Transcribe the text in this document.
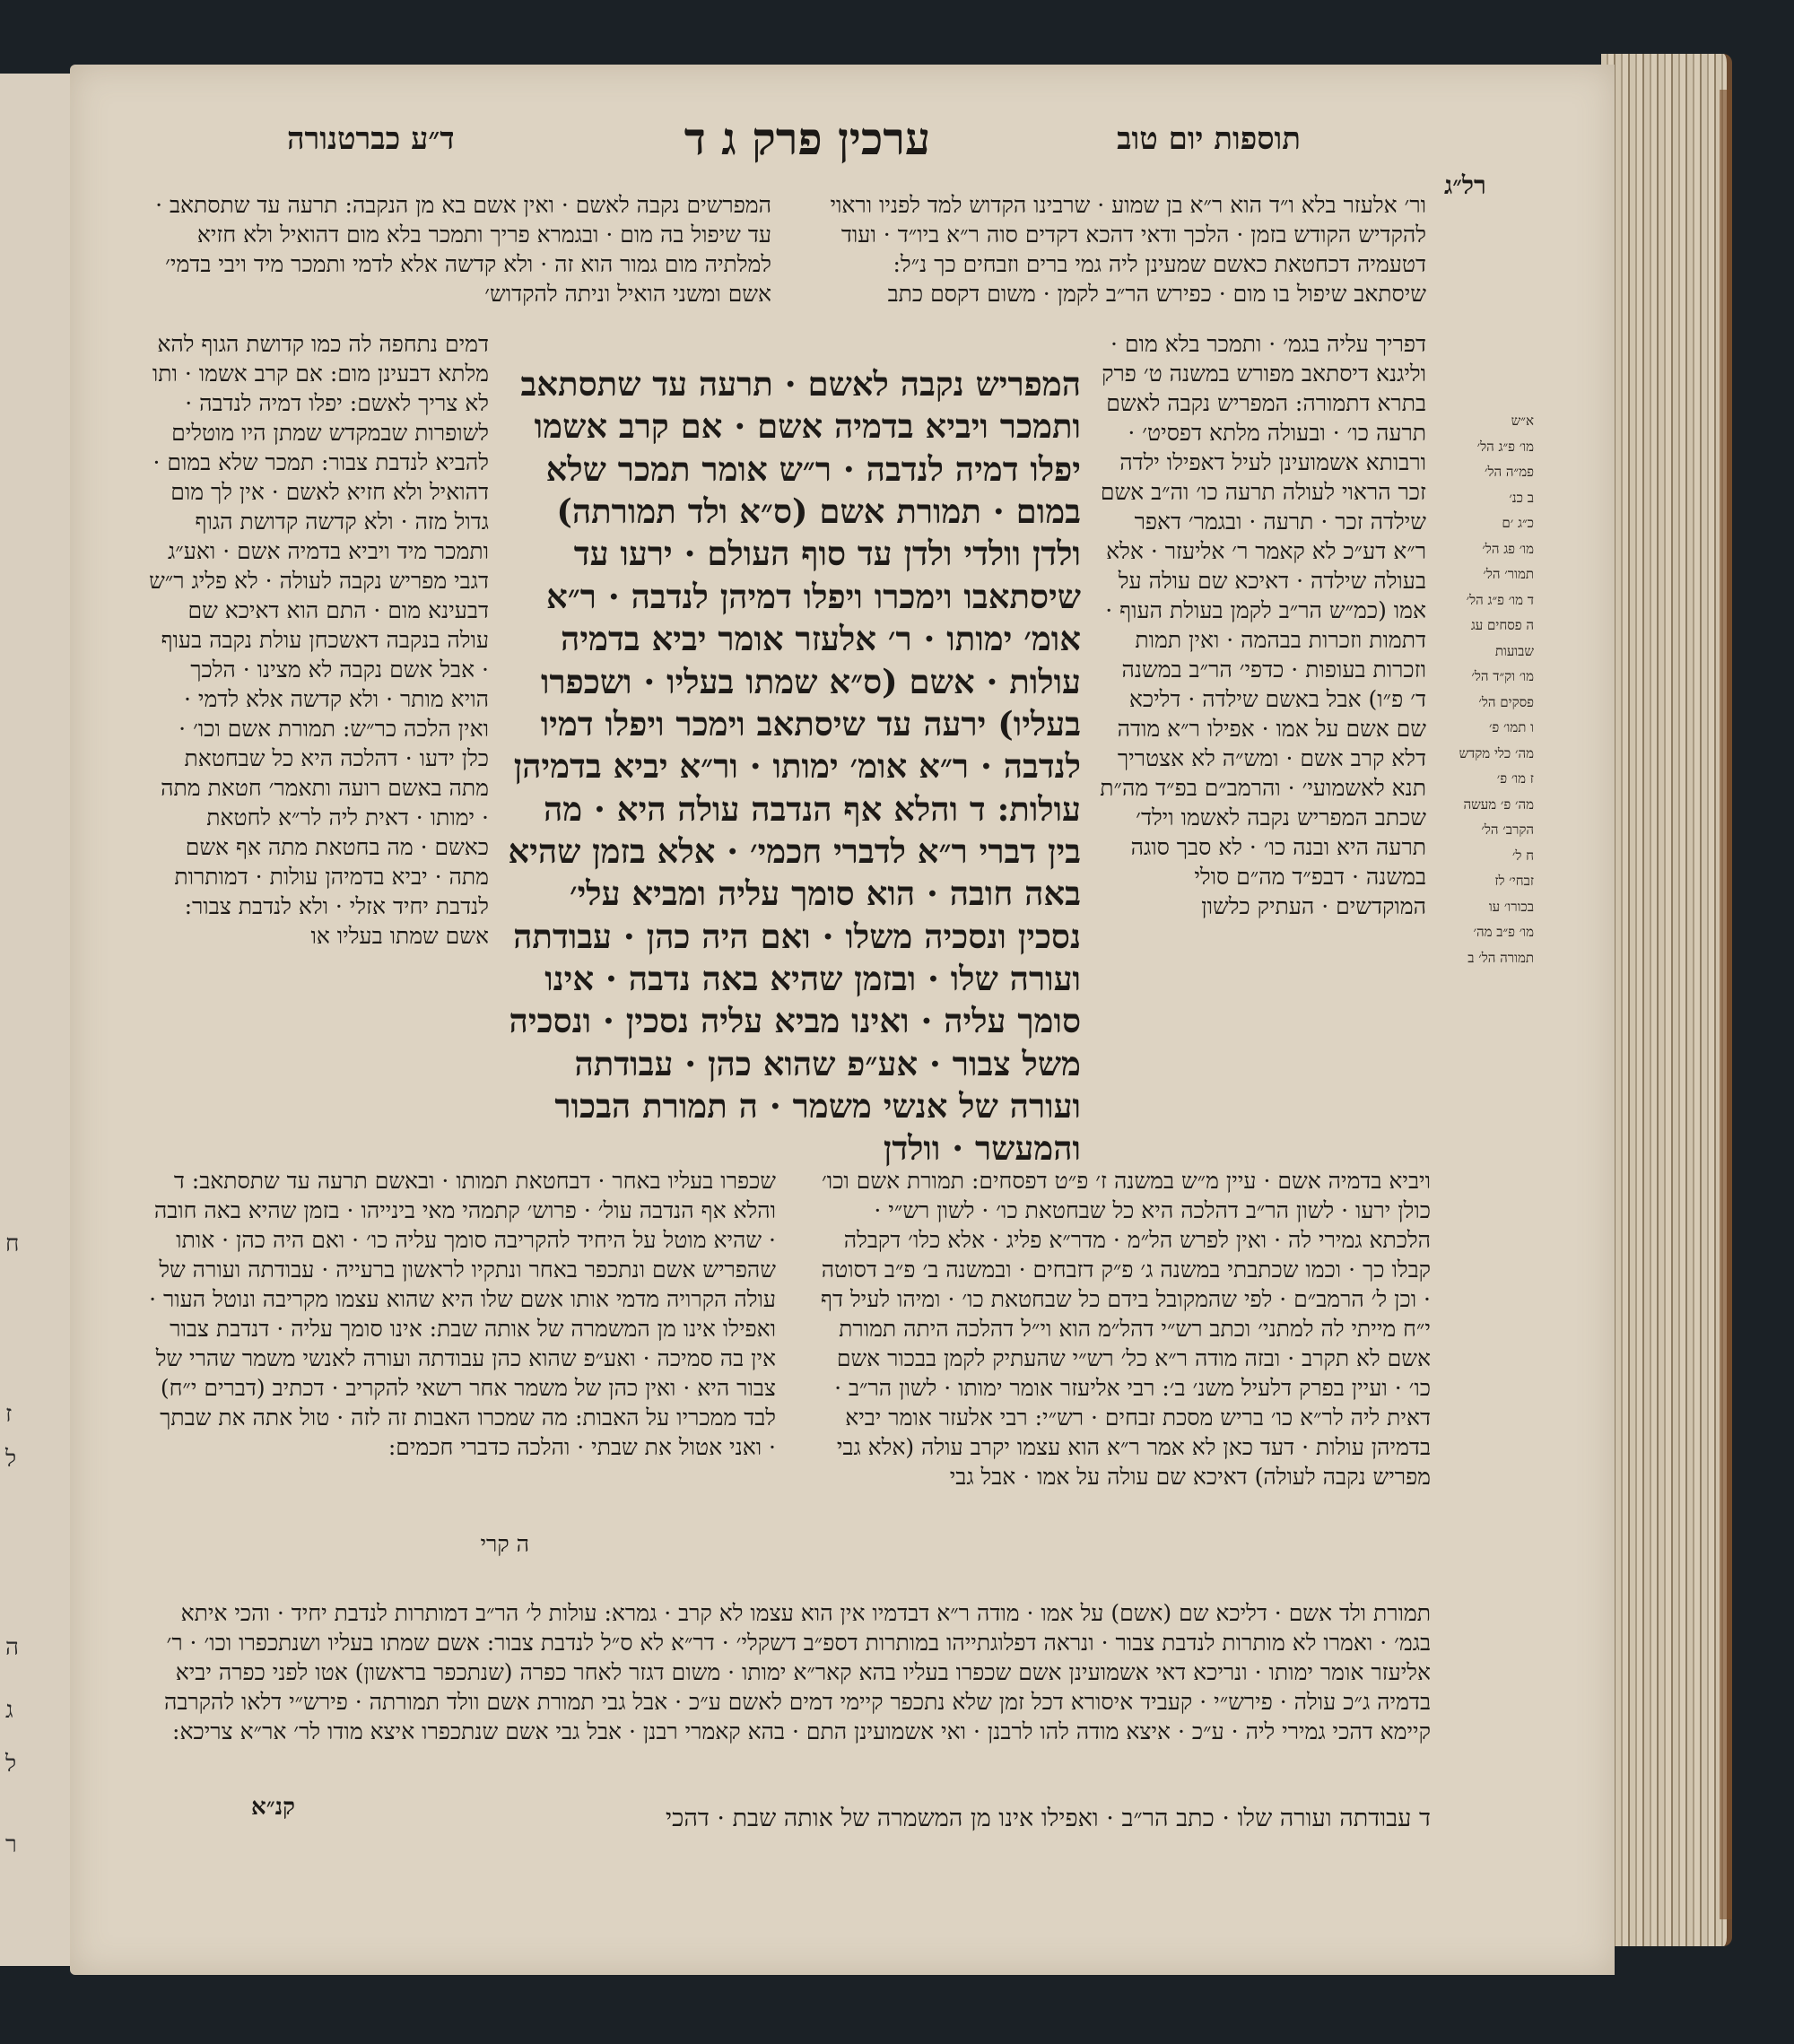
ח
ז
ל
ה
ג
ל
ר
תוספות יום טוב
ערכין פרק ג ד
ד״ע כברטנורה
רל״ג
ור׳ אלעזר בלא ו״ד הוא ר״א בן שמוע · שרבינו הקדוש למד לפניו וראוי להקדיש הקודש בזמן · הלכך ודאי דהכא דקדים סוה ר״א ביו״ד · ועוד דטעמיה דכחטאת כאשם שמעינן ליה גמי ברים וזבחים כך נ״ל: שיסתאב שיפול בו מום · כפירש הר״ב לקמן · משום דקסם כתב
דפריך עליה בגמ׳ · ותמכר בלא מום · וליגנא דיסתאב מפורש במשנה ט׳ פרק בתרא דתמורה: המפריש נקבה לאשם תרעה כו׳ · ובעולה מלתא דפסיט׳ · ורבותא אשמועינן לעיל דאפילו ילדה זכר הראוי לעולה תרעה כו׳ וה״ב אשם שילדה זכר · תרעה · ובגמר׳ דאפר ר״א דע״כ לא קאמר ר׳ אליעזר · אלא בעולה שילדה · דאיכא שם עולה על אמו (כמ״ש הר״ב לקמן בעולת העוף · דתמות וזכרות בבהמה · ואין תמות וזכרות בעופות · כדפי׳ הר״ב במשנה ד׳ פ״ו) אבל באשם שילדה · דליכא שם אשם על אמו · אפילו ר״א מודה דלא קרב אשם · ומש״ה לא אצטריך תנא לאשמועי׳ · והרמב״ם בפ״ד מה״ת שכתב המפריש נקבה לאשמו וילד׳ תרעה היא ובנה כו׳ · לא סבך סוגה במשנה · דבפ״ד מה״ם סולי המוקדשים · העתיק כלשון
המפרשים נקבה לאשם · ואין אשם בא מן הנקבה: תרעה עד שתסתאב · עד שיפול בה מום · ובגמרא פריך ותמכר בלא מום דהואיל ולא חזיא למלתיה מום גמור הוא זה · ולא קדשה אלא לדמי ותמכר מיד ויבי בדמי׳ אשם ומשני הואיל וניתה להקדוש׳
דמים נתחפה לה כמו קדושת הגוף להא מלתא דבעינן מום: אם קרב אשמו · ותו לא צריך לאשם: יפלו דמיה לנדבה · לשופרות שבמקדש שמתן היו מוטלים להביא לנדבת צבור: תמכר שלא במום · דהואיל ולא חזיא לאשם · אין לך מום גדול מזה · ולא קדשה קדושת הגוף ותמכר מיד ויביא בדמיה אשם · ואע״ג דגבי מפריש נקבה לעולה · לא פליג ר״ש דבעינא מום · התם הוא דאיכא שם עולה בנקבה דאשכחן עולת נקבה בעוף · אבל אשם נקבה לא מצינו · הלכך הויא מותר · ולא קדשה אלא לדמי · ואין הלכה כר״ש: תמורת אשם וכו׳ · כלן ידעו · דהלכה היא כל שבחטאת מתה באשם רועה ותאמר׳ חטאת מתה · ימותו · דאית ליה לר״א לחטאת כאשם · מה בחטאת מתה אף אשם מתה · יביא בדמיהן עולות · דמותרות לנדבת יחיד אזלי · ולא לנדבת צבור: אשם שמתו בעליו או
המפריש נקבה לאשם · תרעה עד שתסתאב ותמכר ויביא בדמיה אשם · אם קרב אשמו יפלו דמיה לנדבה · ר״ש אומר תמכר שלא במום · תמורת אשם (ס״א ולד תמורתה) ולדן וולדי ולדן עד סוף העולם · ירעו עד שיסתאבו וימכרו ויפלו דמיהן לנדבה · ר״א אומ׳ ימותו · ר׳ אלעזר אומר יביא בדמיה עולות · אשם (ס״א שמתו בעליו · ושכפרו בעליו) ירעה עד שיסתאב וימכר ויפלו דמיו לנדבה · ר״א אומ׳ ימותו · ור״א יביא בדמיהן עולות: ד והלא אף הנדבה עולה היא · מה בין דברי ר״א לדברי חכמי׳ · אלא בזמן שהיא באה חובה · הוא סומך עליה ומביא עלי׳ נסכין ונסכיה משלו · ואם היה כהן · עבודתה ועורה שלו · ובזמן שהיא באה נדבה · אינו סומך עליה · ואינו מביא עליה נסכין · ונסכיה משל צבור · אע״פ שהוא כהן · עבודתה ועורה של אנשי משמר · ה תמורת הבכור והמעשר · וולדן
שכפרו בעליו באחר · דבחטאת תמותו · ובאשם תרעה עד שתסתאב: ד והלא אף הנדבה עול׳ · פרוש׳ קתמהי מאי בינייהו · בזמן שהיא באה חובה · שהיא מוטל על היחיד להקריבה סומך עליה כו׳ · ואם היה כהן · אותו שהפריש אשם ונתכפר באחר ונתקיו לראשון ברעייה · עבודתה ועורה של עולה הקרויה מדמי אותו אשם שלו היא שהוא עצמו מקריבה ונוטל העור · ואפילו אינו מן המשמרה של אותה שבת: אינו סומך עליה · דנדבת צבור אין בה סמיכה · ואע״פ שהוא כהן עבודתה ועורה לאנשי משמר שהרי של צבור היא · ואין כהן של משמר אחר רשאי להקריב · דכתיב (דברים י״ח) לבד ממכריו על האבות: מה שמכרו האבות זה לזה · טול אתה את שבתך · ואני אטול את שבתי · והלכה כדברי חכמים:
ה קרי
ויביא בדמיה אשם · עיין מ״ש במשנה ז׳ פ״ט דפסחים: תמורת אשם וכו׳ כולן ירעו · לשון הר״ב דהלכה היא כל שבחטאת כו׳ · לשון רש״י · הלכתא גמירי לה · ואין לפרש הל״מ · מדר״א פליג · אלא כלו׳ דקבלה קבלו כך · וכמו שכתבתי במשנה ג׳ פ״ק דזבחים · ובמשנה ב׳ פ״ב דסוטה · וכן ל׳ הרמב״ם · לפי שהמקובל בידם כל שבחטאת כו׳ · ומיהו לעיל דף י״ח מייתי לה למתני׳ וכתב רש״י דהל״מ הוא וי״ל דהלכה היתה תמורת אשם לא תקרב · ובזה מודה ר״א כל׳ רש״י שהעתיק לקמן בבכור אשם כו׳ · ועיין בפרק דלעיל משנ׳ ב׳: רבי אליעזר אומר ימותו · לשון הר״ב · דאית ליה לר״א כו׳ בריש מסכת זבחים · רש״י: רבי אלעזר אומר יביא בדמיהן עולות · דעד כאן לא אמר ר״א הוא עצמו יקרב עולה (אלא גבי מפריש נקבה לעולה) דאיכא שם עולה על אמו · אבל גבי
תמורת ולד אשם · דליכא שם (אשם) על אמו · מודה ר״א דבדמיו אין הוא עצמו לא קרב · גמרא: עולות ל׳ הר״ב דמותרות לנדבת יחיד · והכי איתא בגמ׳ · ואמרו לא מותרות לנדבת צבור · ונראה דפלוגתייהו במותרות דספ״ב דשקלי׳ · דר״א לא ס״ל לנדבת צבור: אשם שמתו בעליו ושנתכפרו וכו׳ · ר׳ אליעזר אומר ימותו · ונריכא דאי אשמועינן אשם שכפרו בעליו בהא קאר״א ימותו · משום דגזר לאחר כפרה (שנתכפר בראשון) אטו לפני כפרה יביא בדמיה ג״כ עולה · פירש״י · קעביד איסורא דכל זמן שלא נתכפר קיימי דמים לאשם ע״כ · אבל גבי תמורת אשם וולד תמורתה · פירש״י דלאו להקרבה קיימא דהכי גמירי ליה · ע״כ · איצא מודה להו לרבנן · ואי אשמועינן התם · בהא קאמרי רבנן · אבל גבי אשם שנתכפרו איצא מודו לר׳ אר״א צריכא:
ד עבודתה ועורה שלו · כתב הר״ב · ואפילו אינו מן המשמרה של אותה שבת · דהכי
קנ״א
א״ש
מו׳ פ״ג הל׳
פמ״ה הל׳
ב כנ׳
כ״ג ׳ם
מו׳ פג הל׳
תמור׳ הל׳
ד מו׳ פ״ג הל׳
ה פסחים עג
שבועות
מו׳ וק״ד הל׳
פסקים הל׳
ו תמו׳ פ׳
מה׳ כלי מקדש
ז מו׳ פ׳
מה׳ פ׳ מעשה
הקרב׳ הל׳
ח ל׳
זבחי׳ לז
בכורו׳ עו
מו׳ פ״ב מה׳
תמורה הל׳ ב
